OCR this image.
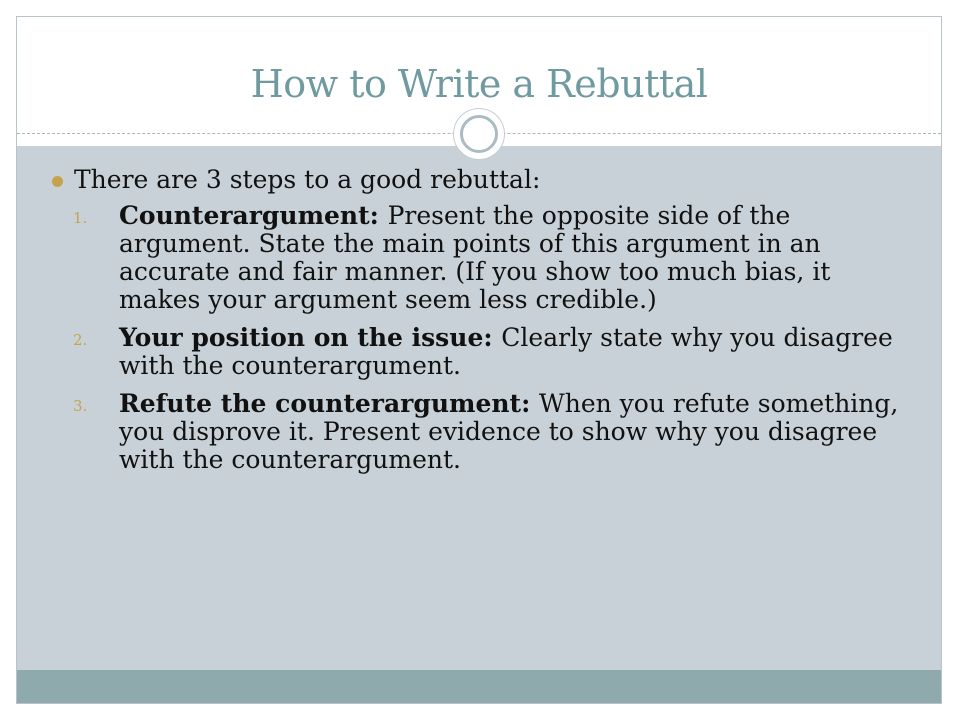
How to Write a Rebuttal
There are 3 steps to a good rebuttal:
1. Counterargument: Present the opposite side of the argument. State the main points of this argument in an accurate and fair manner. (If you show too much bias, it makes your argument seem less credible.)
2. Your position on the issue: Clearly state why you disagree with the counterargument.
3. Refute the counterargument: When you refute something, you disprove it. Present evidence to show why you disagree with the counterargument.
